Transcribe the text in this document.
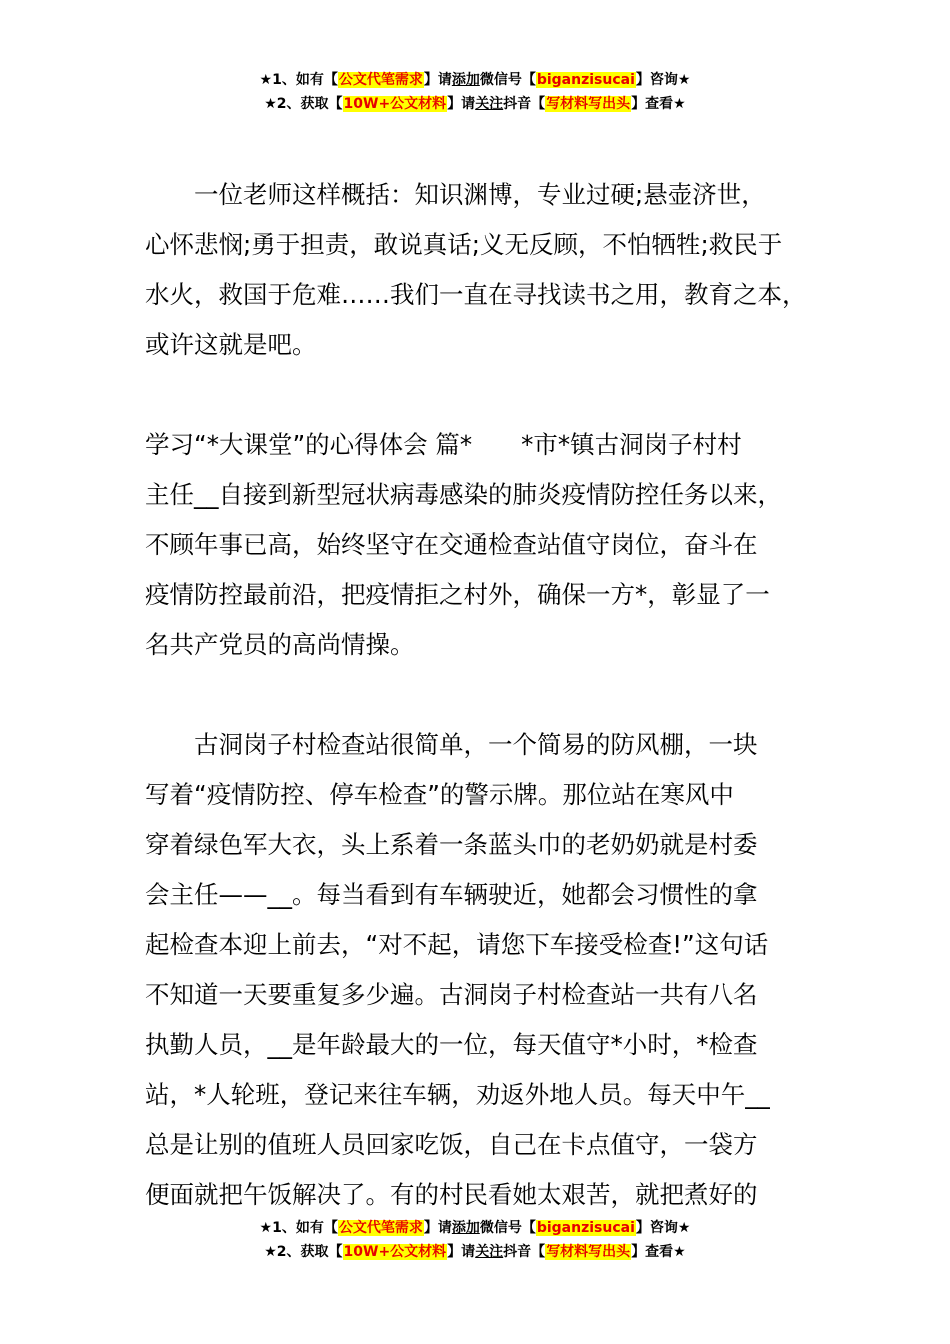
★1、如有【公文代笔需求】请添加微信号【biganzisucai】咨询★
★2、获取【10W+公文材料】请关注抖音【写材料写出头】查看★

　　一位老师这样概括：知识渊博，专业过硬;悬壶济世，

心怀悲悯;勇于担责，敢说真话;义无反顾，不怕牺牲;救民于

水火，救国于危难……我们一直在寻找读书之用，教育之本，

或许这就是吧。

学习“*大课堂”的心得体会 篇*　　*市*镇古洞岗子村村

主任__自接到新型冠状病毒感染的肺炎疫情防控任务以来，

不顾年事已高，始终坚守在交通检查站值守岗位，奋斗在

疫情防控最前沿，把疫情拒之村外，确保一方*，彰显了一

名共产党员的高尚情操。

　　古洞岗子村检查站很简单，一个简易的防风棚，一块

写着“疫情防控、停车检查”的警示牌。那位站在寒风中

穿着绿色军大衣，头上系着一条蓝头巾的老奶奶就是村委

会主任——__。每当看到有车辆驶近，她都会习惯性的拿

起检查本迎上前去，“对不起，请您下车接受检查!”这句话

不知道一天要重复多少遍。古洞岗子村检查站一共有八名

执勤人员，__是年龄最大的一位，每天值守*小时，*检查

站，*人轮班，登记来往车辆，劝返外地人员。每天中午__

总是让别的值班人员回家吃饭，自己在卡点值守，一袋方

便面就把午饭解决了。有的村民看她太艰苦，就把煮好的

★1、如有【公文代笔需求】请添加微信号【biganzisucai】咨询★
★2、获取【10W+公文材料】请关注抖音【写材料写出头】查看★
